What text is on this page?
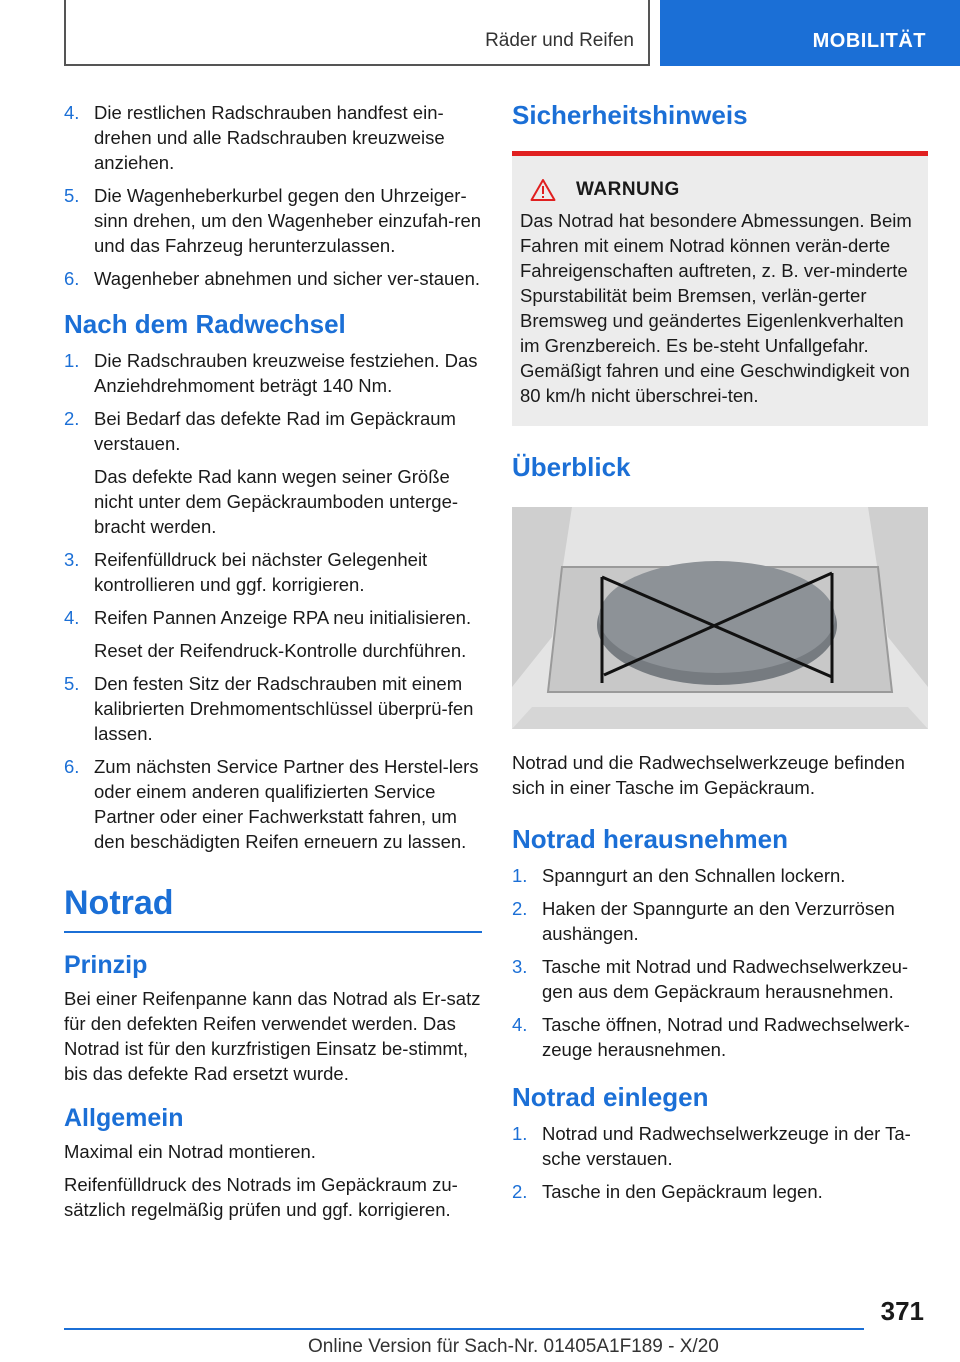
Räder und Reifen	MOBILITÄT
4. Die restlichen Radschrauben handfest ein-drehen und alle Radschrauben kreuzweise anziehen.
5. Die Wagenheberkurbel gegen den Uhrzeiger-sinn drehen, um den Wagenheber einzufah-ren und das Fahrzeug herunterzulassen.
6. Wagenheber abnehmen und sicher ver-stauen.
Nach dem Radwechsel
1. Die Radschrauben kreuzweise festziehen. Das Anziehdrehmoment beträgt 140 Nm.
2. Bei Bedarf das defekte Rad im Gepäckraum verstauen.
Das defekte Rad kann wegen seiner Größe nicht unter dem Gepäckraumboden unterge-bracht werden.
3. Reifenfülldruck bei nächster Gelegenheit kontrollieren und ggf. korrigieren.
4. Reifen Pannen Anzeige RPA neu initialisieren.
Reset der Reifendruck-Kontrolle durchführen.
5. Den festen Sitz der Radschrauben mit einem kalibrierten Drehmomentschlüssel überprü-fen lassen.
6. Zum nächsten Service Partner des Herstel-lers oder einem anderen qualifizierten Service Partner oder einer Fachwerkstatt fahren, um den beschädigten Reifen erneuern zu lassen.
Notrad
Prinzip
Bei einer Reifenpanne kann das Notrad als Er-satz für den defekten Reifen verwendet werden. Das Notrad ist für den kurzfristigen Einsatz be-stimmt, bis das defekte Rad ersetzt wurde.
Allgemein
Maximal ein Notrad montieren.
Reifenfülldruck des Notrads im Gepäckraum zu-sätzlich regelmäßig prüfen und ggf. korrigieren.
Sicherheitshinweis
WARNUNG
Das Notrad hat besondere Abmessungen. Beim Fahren mit einem Notrad können verän-derte Fahreigenschaften auftreten, z. B. ver-minderte Spurstabilität beim Bremsen, verlän-gerter Bremsweg und geändertes Eigenlenkverhalten im Grenzbereich. Es be-steht Unfallgefahr. Gemäßigt fahren und eine Geschwindigkeit von 80 km/h nicht überschrei-ten.
Überblick
Notrad und die Radwechselwerkzeuge befinden sich in einer Tasche im Gepäckraum.
Notrad herausnehmen
1. Spanngurt an den Schnallen lockern.
2. Haken der Spanngurte an den Verzurrösen aushängen.
3. Tasche mit Notrad und Radwechselwerkzeu-gen aus dem Gepäckraum herausnehmen.
4. Tasche öffnen, Notrad und Radwechselwerk-zeuge herausnehmen.
Notrad einlegen
1. Notrad und Radwechselwerkzeuge in der Ta-sche verstauen.
2. Tasche in den Gepäckraum legen.
371
Online Version für Sach-Nr. 01405A1F189 - X/20
